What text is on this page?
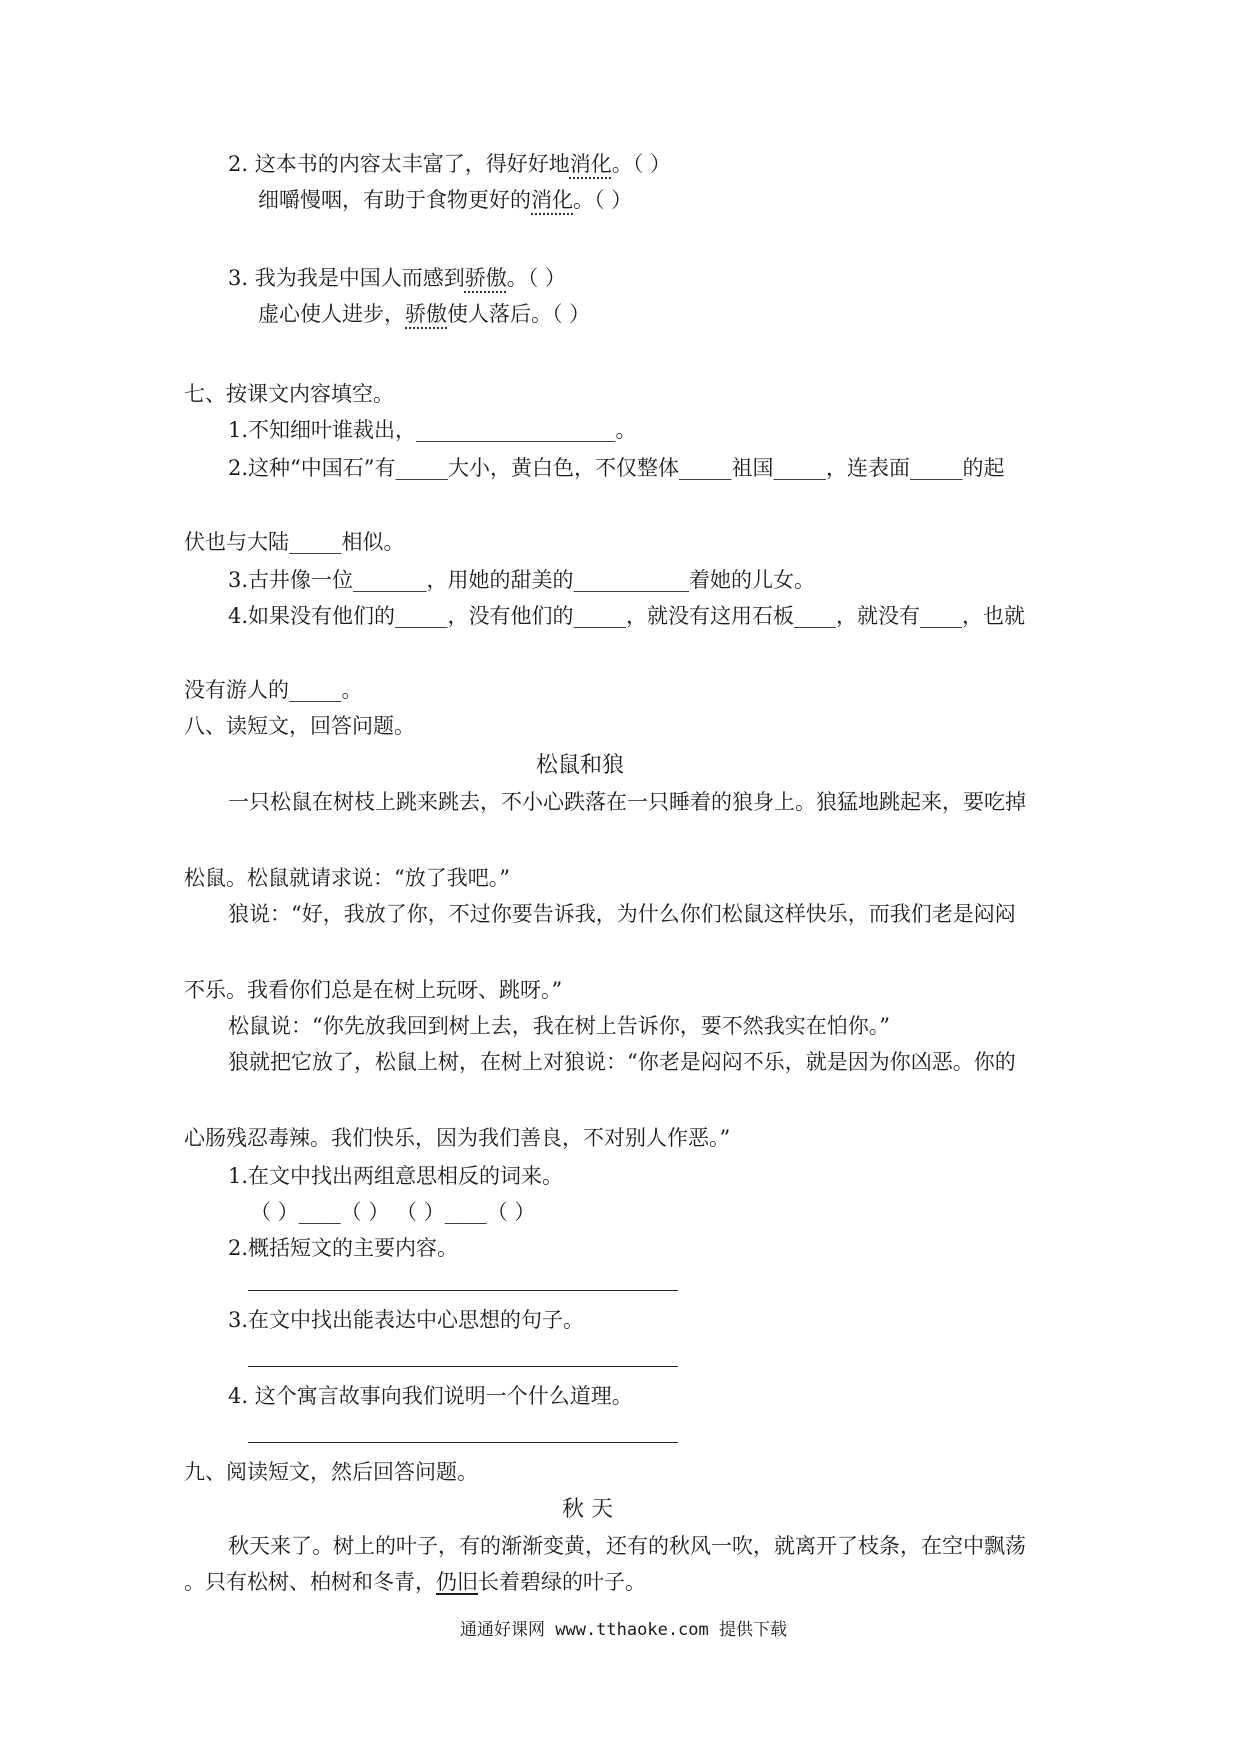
2. 这本书的内容太丰富了，得好好地消化。（ ）
细嚼慢咽，有助于食物更好的消化。（ ）
3. 我为我是中国人而感到骄傲。（ ）
虚心使人进步，骄傲使人落后。（ ）
七、按课文内容填空。
1.不知细叶谁裁出，___________________。
2.这种“中国石”有_____大小，黄白色，不仅整体_____祖国_____，连表面_____的起
伏也与大陆_____相似。
3.古井像一位_______，用她的甜美的___________着她的儿女。
4.如果没有他们的_____，没有他们的_____，就没有这用石板____，就没有____，也就
没有游人的_____。
八、读短文，回答问题。
松鼠和狼
一只松鼠在树枝上跳来跳去，不小心跌落在一只睡着的狼身上。狼猛地跳起来，要吃掉
松鼠。松鼠就请求说：“放了我吧。”
狼说：“好，我放了你，不过你要告诉我，为什么你们松鼠这样快乐，而我们老是闷闷
不乐。我看你们总是在树上玩呀、跳呀。”
松鼠说：“你先放我回到树上去，我在树上告诉你，要不然我实在怕你。”
狼就把它放了，松鼠上树，在树上对狼说：“你老是闷闷不乐，就是因为你凶恶。你的
心肠残忍毒辣。我们快乐，因为我们善良，不对别人作恶。”
1.在文中找出两组意思相反的词来。
（ ）____（ ） （ ）____（ ）
2.概括短文的主要内容。
3.在文中找出能表达中心思想的句子。
4. 这个寓言故事向我们说明一个什么道理。
九、阅读短文，然后回答问题。
秋 天
秋天来了。树上的叶子，有的渐渐变黄，还有的秋风一吹，就离开了枝条，在空中飘荡
。只有松树、柏树和冬青，仍旧长着碧绿的叶子。
通通好课网 www.tthaoke.com 提供下载
